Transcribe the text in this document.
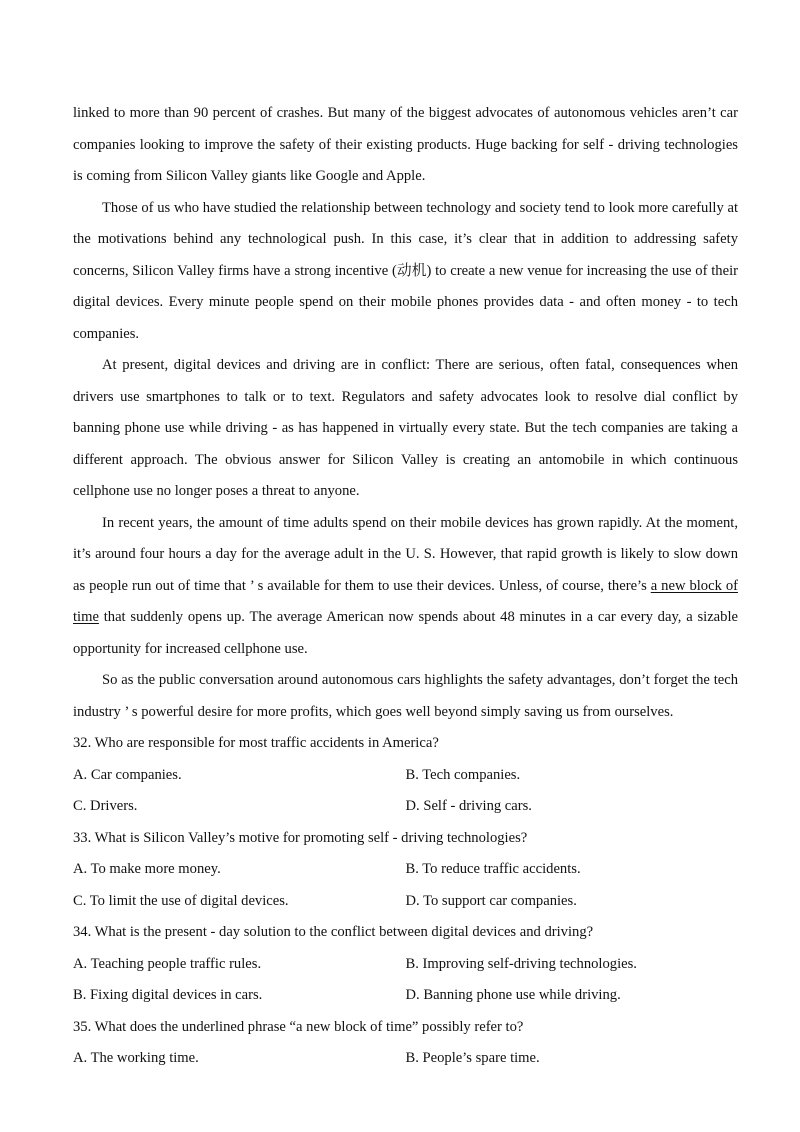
linked to more than 90 percent of crashes. But many of the biggest advocates of autonomous vehicles aren’t car companies looking to improve the safety of their existing products. Huge backing for self - driving technologies is coming from Silicon Valley giants like Google and Apple.

Those of us who have studied the relationship between technology and society tend to look more carefully at the motivations behind any technological push. In this case, it’s clear that in addition to addressing safety concerns, Silicon Valley firms have a strong incentive (动机) to create a new venue for increasing the use of their digital devices. Every minute people spend on their mobile phones provides data - and often money - to tech companies.

At present, digital devices and driving are in conflict: There are serious, often fatal, consequences when drivers use smartphones to talk or to text. Regulators and safety advocates look to resolve dial conflict by banning phone use while driving - as has happened in virtually every state. But the tech companies are taking a different approach. The obvious answer for Silicon Valley is creating an antomobile in which continuous cellphone use no longer poses a threat to anyone.

In recent years, the amount of time adults spend on their mobile devices has grown rapidly. At the moment, it’s around four hours a day for the average adult in the U. S. However, that rapid growth is likely to slow down as people run out of time that ’ s available for them to use their devices. Unless, of course, there’s a new block of time that suddenly opens up. The average American now spends about 48 minutes in a car every day, a sizable opportunity for increased cellphone use.

So as the public conversation around autonomous cars highlights the safety advantages, don’t forget the tech industry ’ s powerful desire for more profits, which goes well beyond simply saving us from ourselves.

32. Who are responsible for most traffic accidents in America?

A. Car companies.	B. Tech companies.

C. Drivers.	D. Self - driving cars.

33. What is Silicon Valley’s motive for promoting self - driving technologies?

A. To make more money.	B. To reduce traffic accidents.

C. To limit the use of digital devices.	D. To support car companies.

34. What is the present - day solution to the conflict between digital devices and driving?

A. Teaching people traffic rules.	B. Improving self-driving technologies.

B. Fixing digital devices in cars.	D. Banning phone use while driving.

35. What does the underlined phrase “a new block of time” possibly refer to?

A. The working time.	B. People’s spare time.
